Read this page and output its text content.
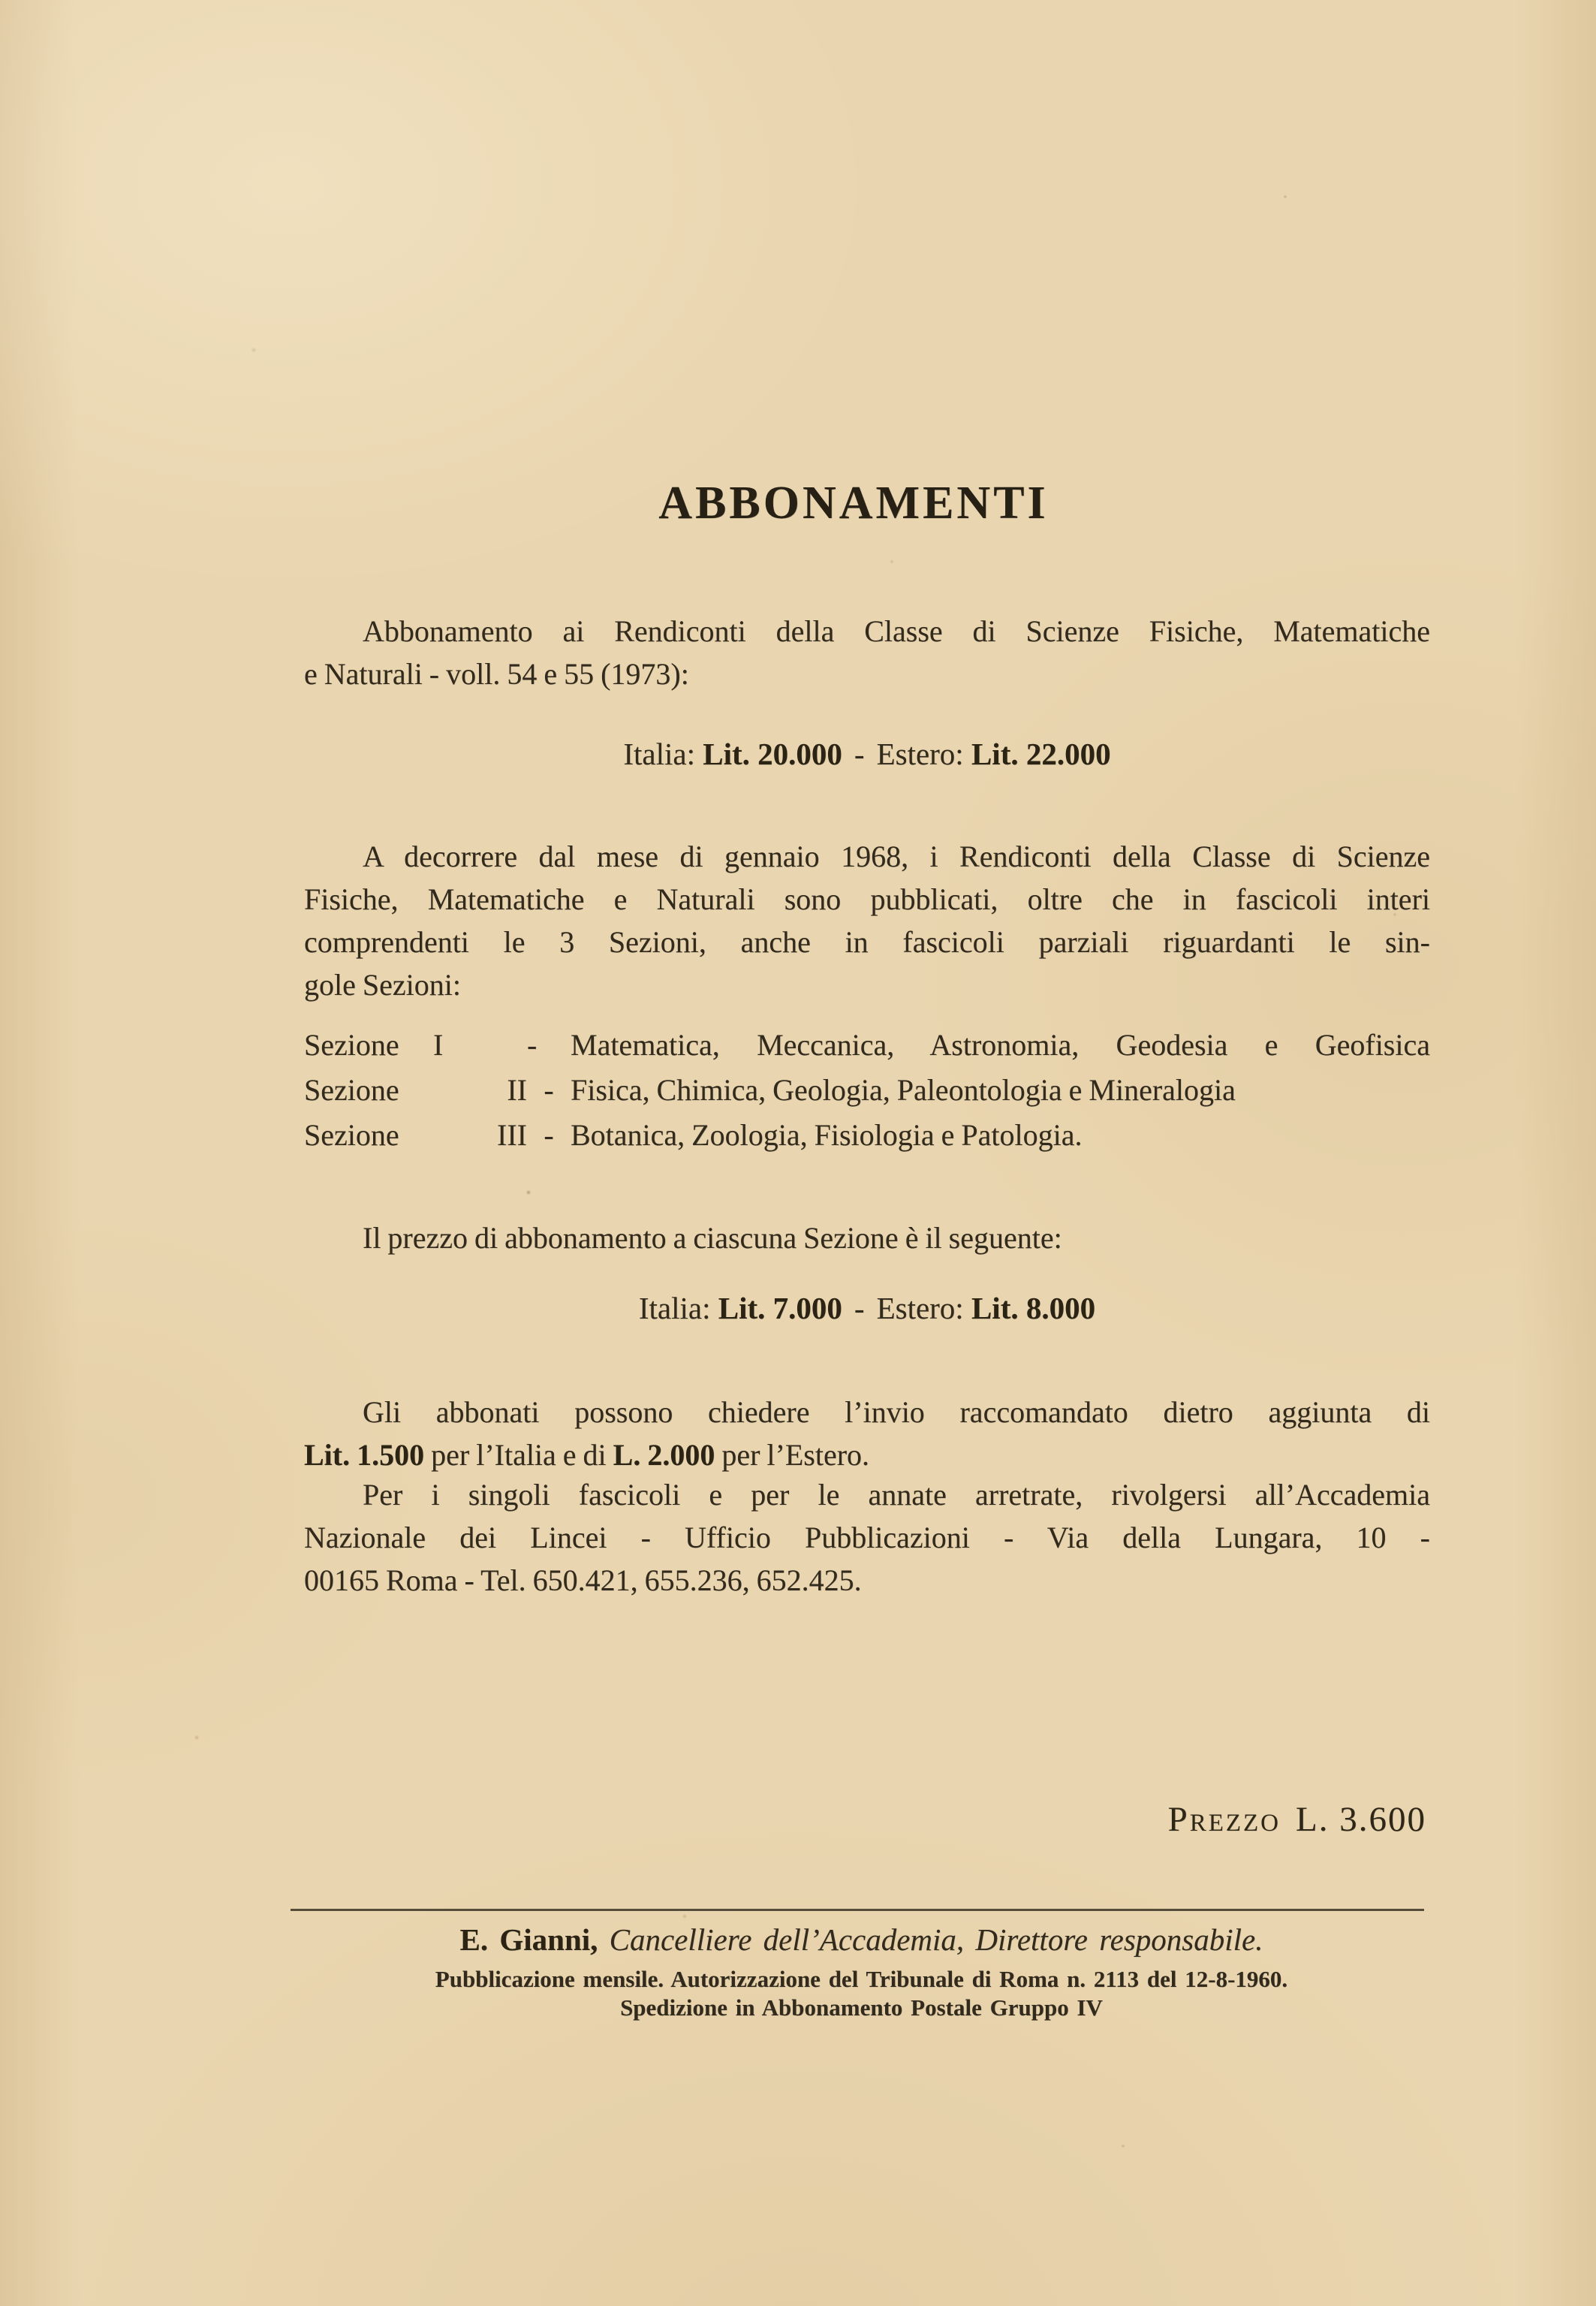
ABBONAMENTI
Abbonamento ai Rendiconti della Classe di Scienze Fisiche, Matematiche
e Naturali - voll. 54 e 55 (1973):
Italia: Lit. 20.000 - Estero: Lit. 22.000
A decorrere dal mese di gennaio 1968, i Rendiconti della Classe di Scienze
Fisiche, Matematiche e Naturali sono pubblicati, oltre che in fascicoli interi
comprendenti le 3 Sezioni, anche in fascicoli parziali riguardanti le sin-
gole Sezioni:
Sezione I	- Matematica, Meccanica, Astronomia, Geodesia e Geofisica
Sezione	II - Fisica, Chimica, Geologia, Paleontologia e Mineralogia
Sezione	III - Botanica, Zoologia, Fisiologia e Patologia.
Il prezzo di abbonamento a ciascuna Sezione è il seguente:
Italia: Lit. 7.000 - Estero: Lit. 8.000
Gli abbonati possono chiedere l’invio raccomandato dietro aggiunta di
Lit. 1.500 per l’Italia e di L. 2.000 per l’Estero.
Per i singoli fascicoli e per le annate arretrate, rivolgersi all’Accademia
Nazionale dei Lincei - Ufficio Pubblicazioni - Via della Lungara, 10 -
00165 Roma - Tel. 650.421, 655.236, 652.425.
Prezzo L. 3.600
E. Gianni, Cancelliere dell’Accademia, Direttore responsabile.
Pubblicazione mensile. Autorizzazione del Tribunale di Roma n. 2113 del 12-8-1960.
Spedizione in Abbonamento Postale Gruppo IV
